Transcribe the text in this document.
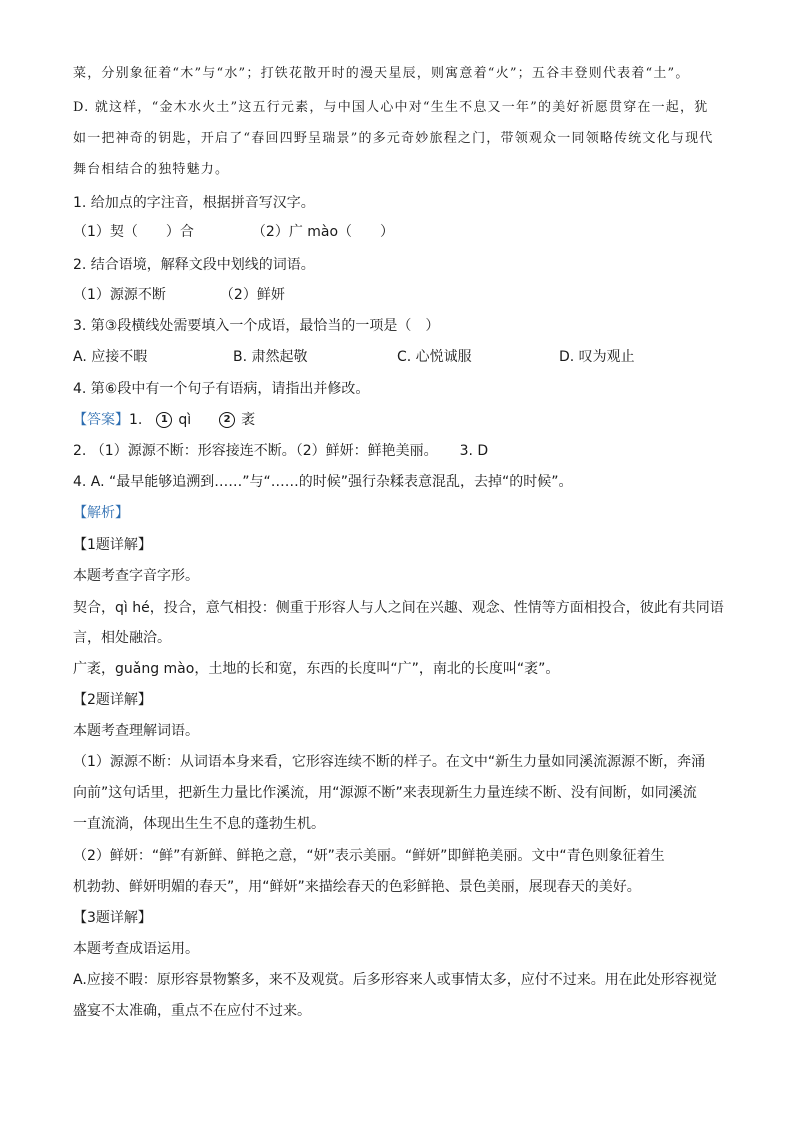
菜，分别象征着“木”与“水”；打铁花散开时的漫天星辰，则寓意着“火”；五谷丰登则代表着“土”。
D. 就这样，“金木水火土”这五行元素，与中国人心中对“生生不息又一年”的美好祈愿贯穿在一起，犹
如一把神奇的钥匙，开启了“春回四野呈瑞景”的多元奇妙旅程之门，带领观众一同领略传统文化与现代
舞台相结合的独特魅力。
1. 给加点的字注音，根据拼音写汉字。
（1）契（　　）合	（2）广 mào（　　）
2. 结合语境，解释文段中划线的词语。
（1）源源不断	（2）鲜妍
3. 第③段横线处需要填入一个成语，最恰当的一项是（　）
A. 应接不暇	B. 肃然起敬	C. 心悦诚服	D. 叹为观止
4. 第⑥段中有一个句子有语病，请指出并修改。
【答案】1. 1 qì	2 袤
2. （1）源源不断：形容接连不断。（2）鲜妍：鲜艳美丽。 3. D
4. A. “最早能够追溯到……”与“……的时候”强行杂糅表意混乱，去掉“的时候”。
【解析】
【1题详解】
本题考查字音字形。
契合，qì hé，投合，意气相投：侧重于形容人与人之间在兴趣、观念、性情等方面相投合，彼此有共同语
言，相处融洽。
广袤，guǎng mào，土地的长和宽，东西的长度叫“广”，南北的长度叫“袤”。
【2题详解】
本题考查理解词语。
（1）源源不断：从词语本身来看，它形容连续不断的样子。在文中“新生力量如同溪流源源不断，奔涌
向前”这句话里，把新生力量比作溪流，用“源源不断”来表现新生力量连续不断、没有间断，如同溪流
一直流淌，体现出生生不息的蓬勃生机。
（2）鲜妍：“鲜”有新鲜、鲜艳之意，“妍”表示美丽。“鲜妍”即鲜艳美丽。文中“青色则象征着生
机勃勃、鲜妍明媚的春天”，用“鲜妍”来描绘春天的色彩鲜艳、景色美丽，展现春天的美好。
【3题详解】
本题考查成语运用。
A.应接不暇：原形容景物繁多，来不及观赏。后多形容来人或事情太多，应付不过来。用在此处形容视觉
盛宴不太准确，重点不在应付不过来。
